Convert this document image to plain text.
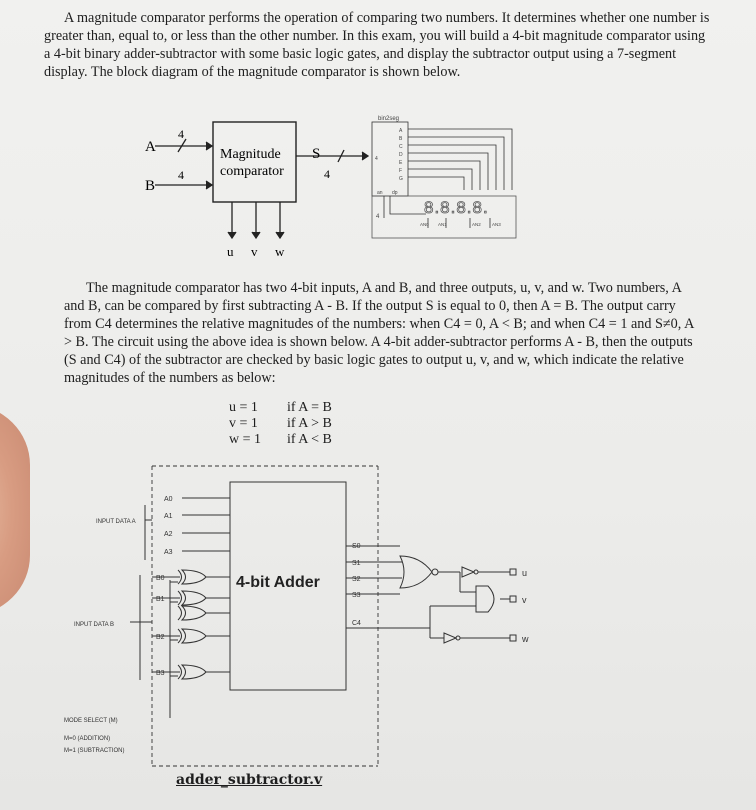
A magnitude comparator performs the operation of comparing two numbers. It determines whether one number is greater than, equal to, or less than the other number. In this exam, you will build a 4-bit magnitude comparator using a 4-bit binary adder-subtractor with some basic logic gates, and display the subtractor output using a 7-segment display. The block diagram of the magnitude comparator is shown below.

A
4
B
4
Magnitude
comparator
S
4
u v w
bin2seg
4
A
B
C
D
E
F
G
an dp
4	8.8.8.8.
AN0 AN1	AN2 AN3

The magnitude comparator has two 4-bit inputs, A and B, and three outputs, u, v, and w. Two numbers, A and B, can be compared by first subtracting A - B. If the output S is equal to 0, then A = B. The output carry from C4 determines the relative magnitudes of the numbers: when C4 = 0, A < B; and when C4 = 1 and S≠0, A > B. The circuit using the above idea is shown below. A 4-bit adder-subtractor performs A - B, then the outputs (S and C4) of the subtractor are checked by basic logic gates to output u, v, and w, which indicate the relative magnitudes of the numbers as below:

u = 1	if A = B
v = 1	if A > B
w = 1	if A < B
A0
A1
A2
A3
B0
B1
B2
B3
S0
S1
S2
S3
C4
INPUT DATA A
INPUT DATA B
MODE SELECT (M)
M=0 (ADDITION)
M=1 (SUBTRACTION)
4-bit Adder
u
v
w
adder_subtractor.v
